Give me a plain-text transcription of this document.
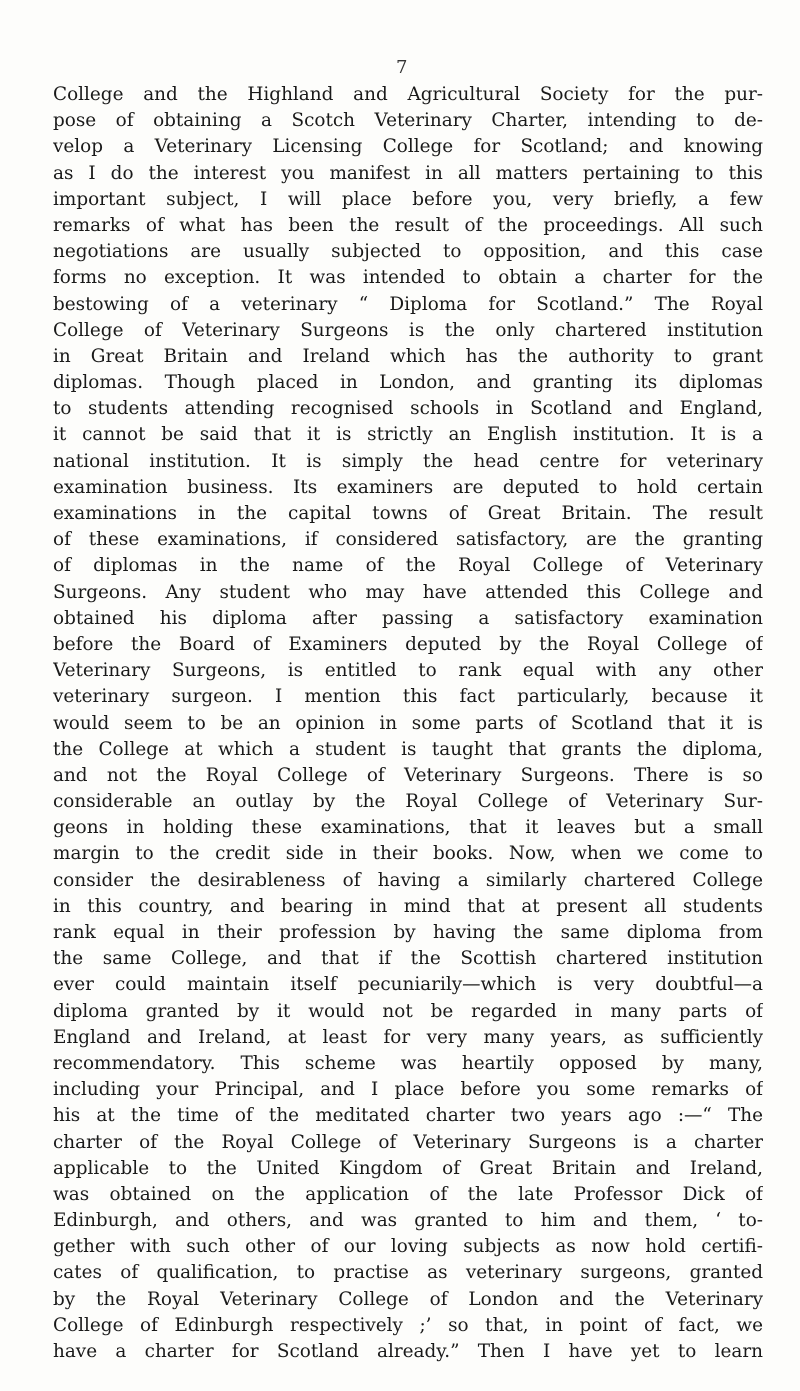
7
College and the Highland and Agricultural Society for the pur-
pose of obtaining a Scotch Veterinary Charter, intending to de-
velop a Veterinary Licensing College for Scotland; and knowing
as I do the interest you manifest in all matters pertaining to this
important subject, I will place before you, very briefly, a few
remarks of what has been the result of the proceedings. All such
negotiations are usually subjected to opposition, and this case
forms no exception. It was intended to obtain a charter for the
bestowing of a veterinary “ Diploma for Scotland.” The Royal
College of Veterinary Surgeons is the only chartered institution
in Great Britain and Ireland which has the authority to grant
diplomas. Though placed in London, and granting its diplomas
to students attending recognised schools in Scotland and England,
it cannot be said that it is strictly an English institution. It is a
national institution. It is simply the head centre for veterinary
examination business. Its examiners are deputed to hold certain
examinations in the capital towns of Great Britain. The result
of these examinations, if considered satisfactory, are the granting
of diplomas in the name of the Royal College of Veterinary
Surgeons. Any student who may have attended this College and
obtained his diploma after passing a satisfactory examination
before the Board of Examiners deputed by the Royal College of
Veterinary Surgeons, is entitled to rank equal with any other
veterinary surgeon. I mention this fact particularly, because it
would seem to be an opinion in some parts of Scotland that it is
the College at which a student is taught that grants the diploma,
and not the Royal College of Veterinary Surgeons. There is so
considerable an outlay by the Royal College of Veterinary Sur-
geons in holding these examinations, that it leaves but a small
margin to the credit side in their books. Now, when we come to
consider the desirableness of having a similarly chartered College
in this country, and bearing in mind that at present all students
rank equal in their profession by having the same diploma from
the same College, and that if the Scottish chartered institution
ever could maintain itself pecuniarily—which is very doubtful—a
diploma granted by it would not be regarded in many parts of
England and Ireland, at least for very many years, as sufficiently
recommendatory. This scheme was heartily opposed by many,
including your Principal, and I place before you some remarks of
his at the time of the meditated charter two years ago :—“ The
charter of the Royal College of Veterinary Surgeons is a charter
applicable to the United Kingdom of Great Britain and Ireland,
was obtained on the application of the late Professor Dick of
Edinburgh, and others, and was granted to him and them, ‘ to-
gether with such other of our loving subjects as now hold certifi-
cates of qualification, to practise as veterinary surgeons, granted
by the Royal Veterinary College of London and the Veterinary
College of Edinburgh respectively ;’ so that, in point of fact, we
have a charter for Scotland already.” Then I have yet to learn
